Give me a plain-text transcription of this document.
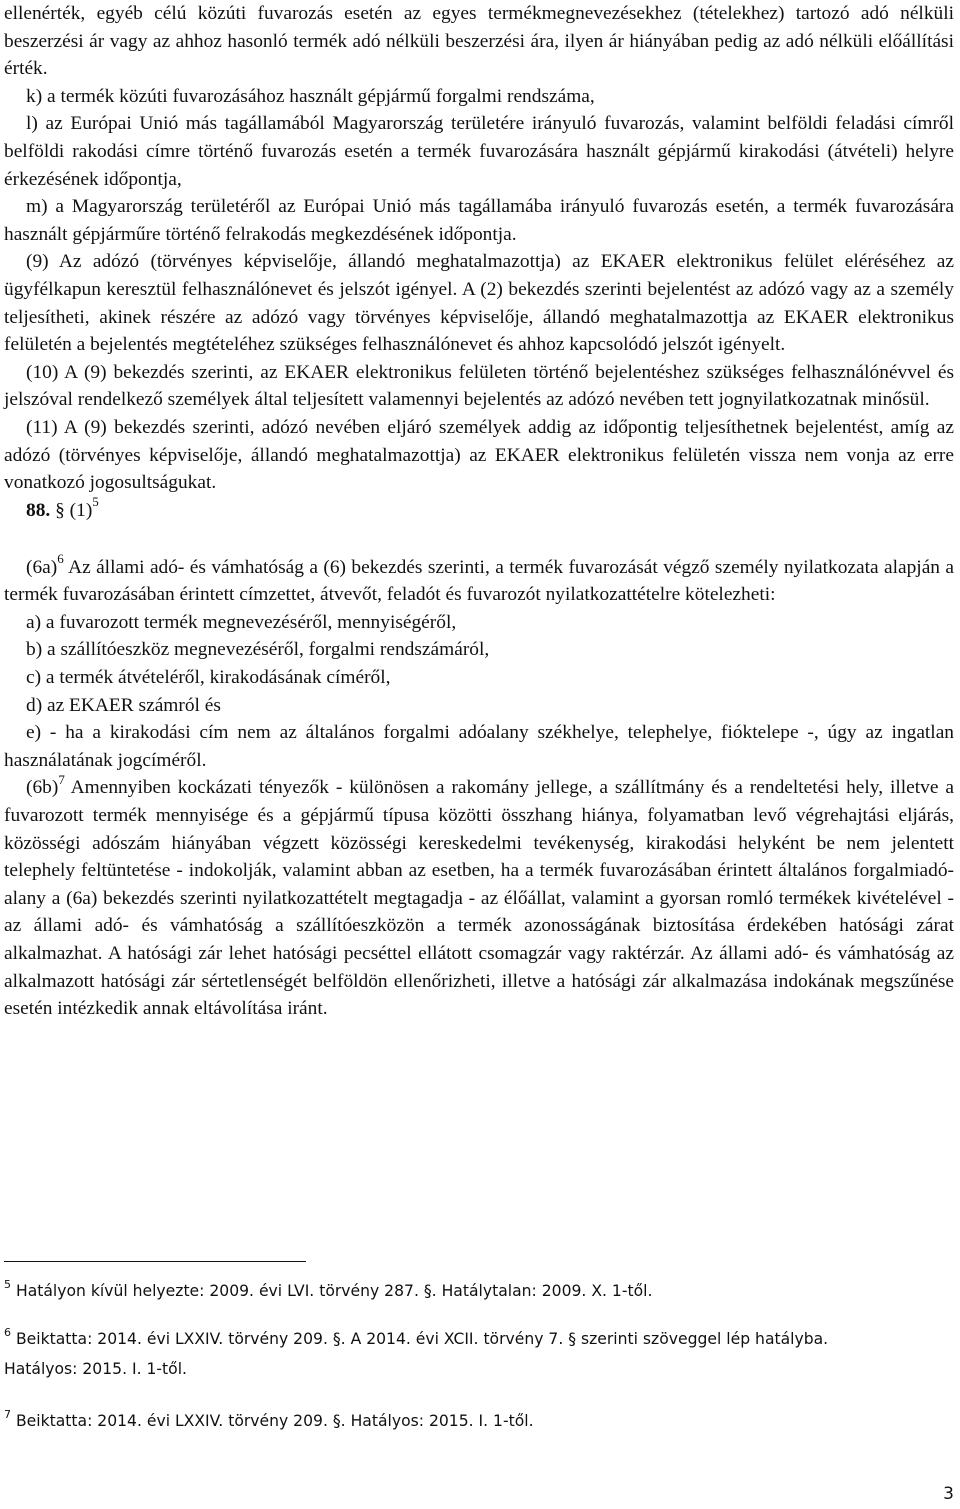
ellenérték, egyéb célú közúti fuvarozás esetén az egyes termékmegnevezésekhez (tételekhez) tartozó adó nélküli beszerzési ár vagy az ahhoz hasonló termék adó nélküli beszerzési ára, ilyen ár hiányában pedig az adó nélküli előállítási érték.

k) a termék közúti fuvarozásához használt gépjármű forgalmi rendszáma,

l) az Európai Unió más tagállamából Magyarország területére irányuló fuvarozás, valamint belföldi feladási címről belföldi rakodási címre történő fuvarozás esetén a termék fuvarozására használt gépjármű kirakodási (átvételi) helyre érkezésének időpontja,

m) a Magyarország területéről az Európai Unió más tagállamába irányuló fuvarozás esetén, a termék fuvarozására használt gépjárműre történő felrakodás megkezdésének időpontja.

(9) Az adózó (törvényes képviselője, állandó meghatalmazottja) az EKAER elektronikus felület eléréséhez az ügyfélkapun keresztül felhasználónevet és jelszót igényel. A (2) bekezdés szerinti bejelentést az adózó vagy az a személy teljesítheti, akinek részére az adózó vagy törvényes képviselője, állandó meghatalmazottja az EKAER elektronikus felületén a bejelentés megtételéhez szükséges felhasználónevet és ahhoz kapcsolódó jelszót igényelt.

(10) A (9) bekezdés szerinti, az EKAER elektronikus felületen történő bejelentéshez szükséges felhasználónévvel és jelszóval rendelkező személyek által teljesített valamennyi bejelentés az adózó nevében tett jognyilatkozatnak minősül.

(11) A (9) bekezdés szerinti, adózó nevében eljáró személyek addig az időpontig teljesíthetnek bejelentést, amíg az adózó (törvényes képviselője, állandó meghatalmazottja) az EKAER elektronikus felületén vissza nem vonja az erre vonatkozó jogosultságukat.

88. § $(1)^5$

$(6a)^6$ Az állami adó- és vámhatóság a (6) bekezdés szerinti, a termék fuvarozását végző személy nyilatkozata alapján a termék fuvarozásában érintett címzettet, átvevőt, feladót és fuvarozót nyilatkozattételre kötelezheti:

a) a fuvarozott termék megnevezéséről, mennyiségéről,

b) a szállítóeszköz megnevezéséről, forgalmi rendszámáról,

c) a termék átvételéről, kirakodásának címéről,

d) az EKAER számról és

e) - ha a kirakodási cím nem az általános forgalmi adóalany székhelye, telephelye, fióktelepe -, úgy az ingatlan használatának jogcíméről.

$(6b)^7$ Amennyiben kockázati tényezők - különösen a rakomány jellege, a szállítmány és a rendeltetési hely, illetve a fuvarozott termék mennyisége és a gépjármű típusa közötti összhang hiánya, folyamatban levő végrehajtási eljárás, közösségi adószám hiányában végzett közösségi kereskedelmi tevékenység, kirakodási helyként be nem jelentett telephely feltüntetése - indokolják, valamint abban az esetben, ha a termék fuvarozásában érintett általános forgalmiadó-alany a (6a) bekezdés szerinti nyilatkozattételt megtagadja - az élőállat, valamint a gyorsan romló termékek kivételével - az állami adó- és vámhatóság a szállítóeszközön a termék azonosságának biztosítása érdekében hatósági zárat alkalmazhat. A hatósági zár lehet hatósági pecséttel ellátott csomagzár vagy raktérzár. Az állami adó- és vámhatóság az alkalmazott hatósági zár sértetlenségét belföldön ellenőrizheti, illetve a hatósági zár alkalmazása indokának megszűnése esetén intézkedik annak eltávolítása iránt.

$^5$ Hatályon kívül helyezte: 2009. évi LVI. törvény 287. §. Hatálytalan: 2009. X. 1-től.

$^6$ Beiktatta: 2014. évi LXXIV. törvény 209. §. A 2014. évi XCII. törvény 7. § szerinti szöveggel lép hatályba. Hatályos: 2015. I. 1-től.

$^7$ Beiktatta: 2014. évi LXXIV. törvény 209. §. Hatályos: 2015. I. 1-től.

3
